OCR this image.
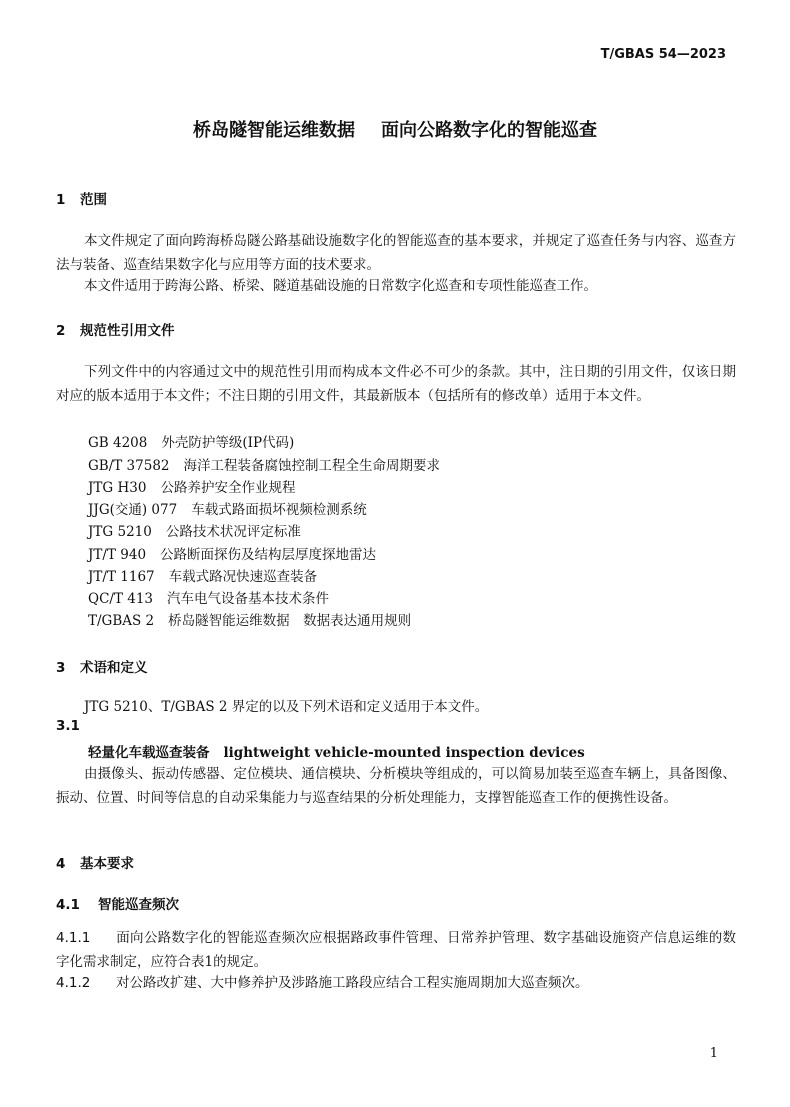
T/GBAS 54—2023
桥岛隧智能运维数据 面向公路数字化的智能巡查
1 范围
本文件规定了面向跨海桥岛隧公路基础设施数字化的智能巡查的基本要求，并规定了巡查任务与内容、巡查方法与装备、巡查结果数字化与应用等方面的技术要求。
本文件适用于跨海公路、桥梁、隧道基础设施的日常数字化巡查和专项性能巡查工作。
2 规范性引用文件
下列文件中的内容通过文中的规范性引用而构成本文件必不可少的条款。其中，注日期的引用文件，仅该日期对应的版本适用于本文件；不注日期的引用文件，其最新版本（包括所有的修改单）适用于本文件。
GB 4208 外壳防护等级(IP代码)
GB/T 37582 海洋工程装备腐蚀控制工程全生命周期要求
JTG H30 公路养护安全作业规程
JJG(交通) 077 车载式路面损坏视频检测系统
JTG 5210 公路技术状况评定标准
JT/T 940 公路断面探伤及结构层厚度探地雷达
JT/T 1167 车载式路况快速巡查装备
QC/T 413 汽车电气设备基本技术条件
T/GBAS 2 桥岛隧智能运维数据　数据表达通用规则
3 术语和定义
JTG 5210、T/GBAS 2 界定的以及下列术语和定义适用于本文件。
3.1
轻量化车载巡查装备 lightweight vehicle-mounted inspection devices
由摄像头、振动传感器、定位模块、通信模块、分析模块等组成的，可以简易加装至巡查车辆上，具备图像、振动、位置、时间等信息的自动采集能力与巡查结果的分析处理能力，支撑智能巡查工作的便携性设备。
4 基本要求
4.1 智能巡查频次
4.1.1 面向公路数字化的智能巡查频次应根据路政事件管理、日常养护管理、数字基础设施资产信息运维的数字化需求制定，应符合表1的规定。
4.1.2 对公路改扩建、大中修养护及涉路施工路段应结合工程实施周期加大巡查频次。
1
